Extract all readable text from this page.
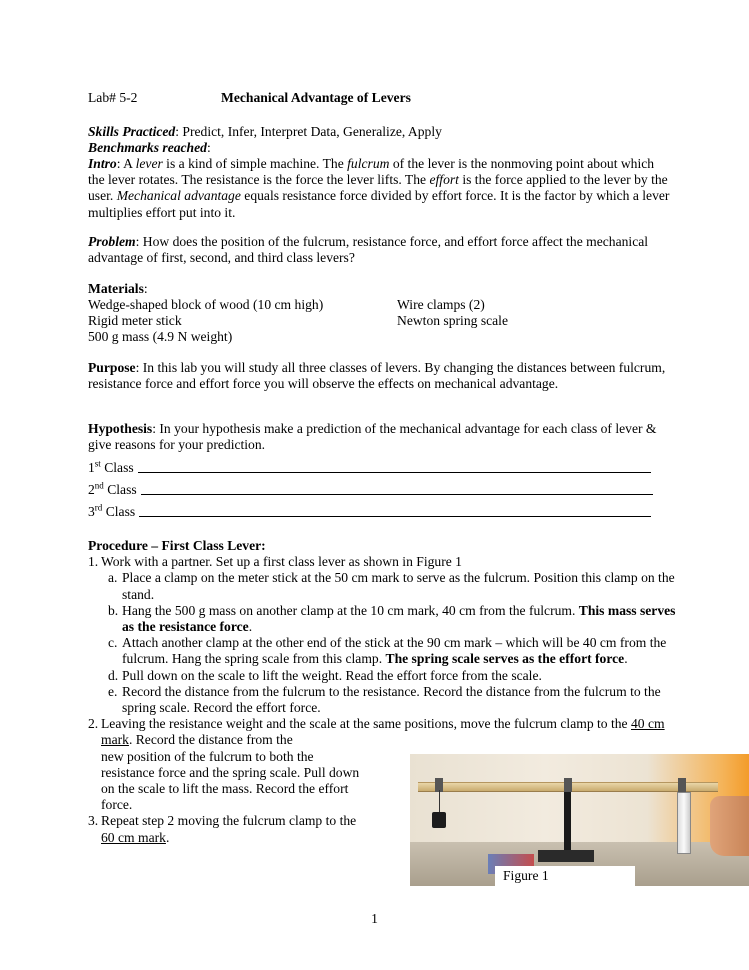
Lab# 5-2	Mechanical Advantage of Levers
Skills Practiced: Predict, Infer, Interpret Data, Generalize, Apply
Benchmarks reached:
Intro: A lever is a kind of simple machine. The fulcrum of the lever is the nonmoving point about which the lever rotates. The resistance is the force the lever lifts. The effort is the force applied to the lever by the user. Mechanical advantage equals resistance force divided by effort force. It is the factor by which a lever multiplies effort put into it.
Problem: How does the position of the fulcrum, resistance force, and effort force affect the mechanical advantage of first, second, and third class levers?
Materials:
Wedge-shaped block of wood (10 cm high)
Rigid meter stick
500 g mass (4.9 N weight)
Wire clamps (2)
Newton spring scale
Purpose: In this lab you will study all three classes of levers. By changing the distances between fulcrum, resistance force and effort force you will observe the effects on mechanical advantage.
Hypothesis: In your hypothesis make a prediction of the mechanical advantage for each class of lever & give reasons for your prediction.
1st Class
2nd Class
3rd Class
Procedure – First Class Lever:
1. Work with a partner. Set up a first class lever as shown in Figure 1
a. Place a clamp on the meter stick at the 50 cm mark to serve as the fulcrum. Position this clamp on the stand.
b. Hang the 500 g mass on another clamp at the 10 cm mark, 40 cm from the fulcrum. This mass serves as the resistance force.
c. Attach another clamp at the other end of the stick at the 90 cm mark – which will be 40 cm from the fulcrum. Hang the spring scale from this clamp. The spring scale serves as the effort force.
d. Pull down on the scale to lift the weight. Read the effort force from the scale.
e. Record the distance from the fulcrum to the resistance. Record the distance from the fulcrum to the spring scale. Record the effort force.
2. Leaving the resistance weight and the scale at the same positions, move the fulcrum clamp to the 40 cm mark. Record the distance from the
new position of the fulcrum to both the
resistance force and the spring scale. Pull down
on the scale to lift the mass. Record the effort
force.
3. Repeat step 2 moving the fulcrum clamp to the
60 cm mark.
Figure 1
1
